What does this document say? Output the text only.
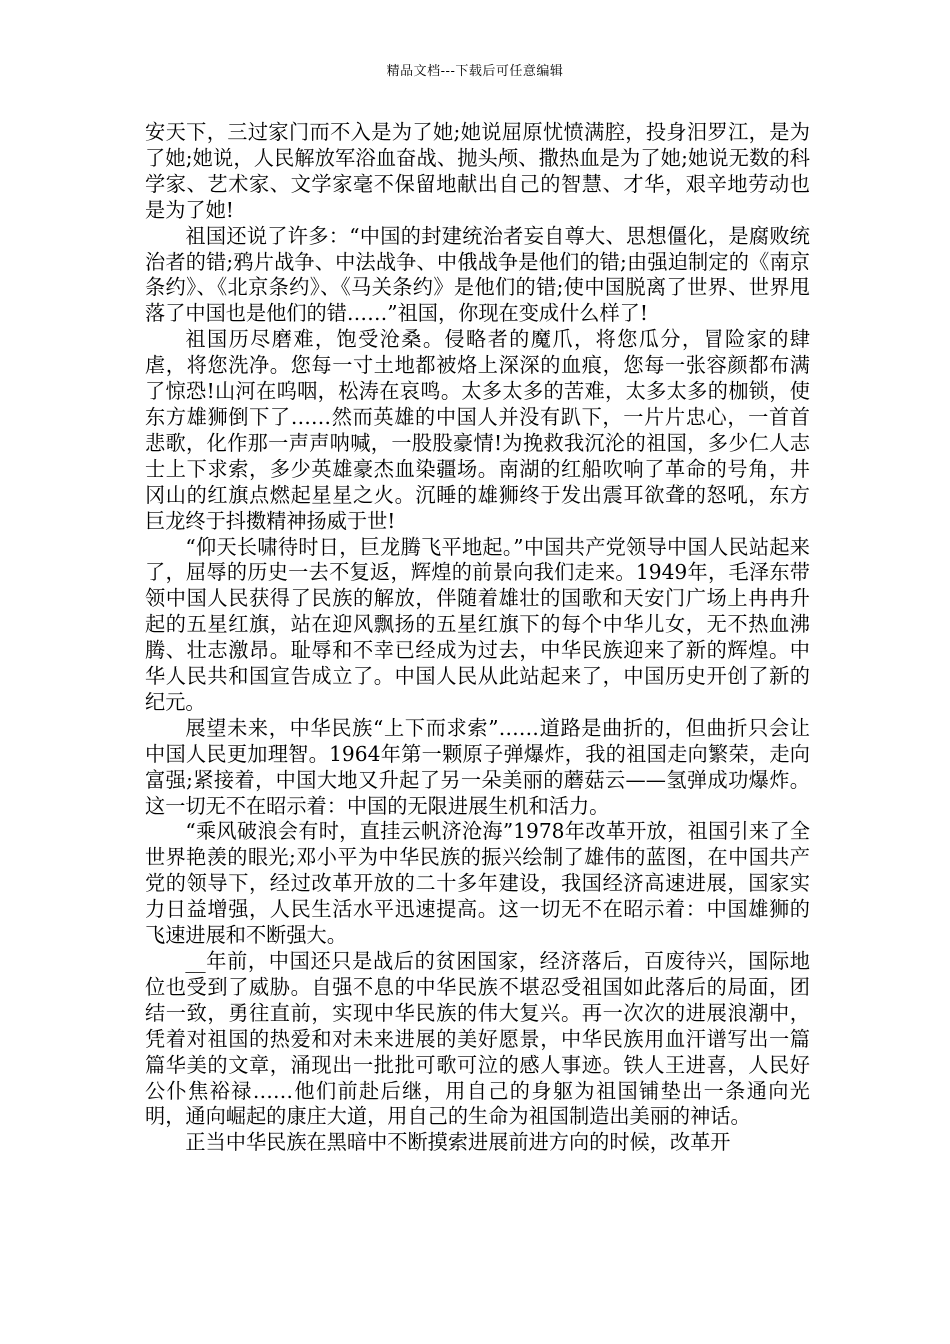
精品文档---下载后可任意编辑

安天下，三过家门而不入是为了她;她说屈原忧愤满腔，投身汨罗江，是为了她;她说，人民解放军浴血奋战、抛头颅、撒热血是为了她;她说无数的科学家、艺术家、文学家毫不保留地献出自己的智慧、才华，艰辛地劳动也是为了她!

祖国还说了许多：“中国的封建统治者妄自尊大、思想僵化，是腐败统治者的错;鸦片战争、中法战争、中俄战争是他们的错;由强迫制定的《南京条约》、《北京条约》、《马关条约》是他们的错;使中国脱离了世界、世界甩落了中国也是他们的错……”祖国，你现在变成什么样了!

祖国历尽磨难，饱受沧桑。侵略者的魔爪，将您瓜分，冒险家的肆虐，将您洗净。您每一寸土地都被烙上深深的血痕，您每一张容颜都布满了惊恐!山河在呜咽，松涛在哀鸣。太多太多的苦难，太多太多的枷锁，使东方雄狮倒下了……然而英雄的中国人并没有趴下，一片片忠心，一首首悲歌，化作那一声声呐喊，一股股豪情!为挽救我沉沦的祖国，多少仁人志士上下求索，多少英雄豪杰血染疆场。南湖的红船吹响了革命的号角，井冈山的红旗点燃起星星之火。沉睡的雄狮终于发出震耳欲聋的怒吼，东方巨龙终于抖擞精神扬威于世!

“仰天长啸待时日，巨龙腾飞平地起。”中国共产党领导中国人民站起来了，屈辱的历史一去不复返，辉煌的前景向我们走来。1949年，毛泽东带领中国人民获得了民族的解放，伴随着雄壮的国歌和天安门广场上冉冉升起的五星红旗，站在迎风飘扬的五星红旗下的每个中华儿女，无不热血沸腾、壮志激昂。耻辱和不幸已经成为过去，中华民族迎来了新的辉煌。中华人民共和国宣告成立了。中国人民从此站起来了，中国历史开创了新的纪元。

展望未来，中华民族“上下而求索”……道路是曲折的，但曲折只会让中国人民更加理智。1964年第一颗原子弹爆炸，我的祖国走向繁荣，走向富强;紧接着，中国大地又升起了另一朵美丽的蘑菇云——氢弹成功爆炸。这一切无不在昭示着：中国的无限进展生机和活力。

“乘风破浪会有时，直挂云帆济沧海”1978年改革开放，祖国引来了全世界艳羡的眼光;邓小平为中华民族的振兴绘制了雄伟的蓝图，在中国共产党的领导下，经过改革开放的二十多年建设，我国经济高速进展，国家实力日益增强，人民生活水平迅速提高。这一切无不在昭示着：中国雄狮的飞速进展和不断强大。

__年前，中国还只是战后的贫困国家，经济落后，百废待兴，国际地位也受到了威胁。自强不息的中华民族不堪忍受祖国如此落后的局面，团结一致，勇往直前，实现中华民族的伟大复兴。再一次次的进展浪潮中，凭着对祖国的热爱和对未来进展的美好愿景，中华民族用血汗谱写出一篇篇华美的文章，涌现出一批批可歌可泣的感人事迹。铁人王进喜，人民好公仆焦裕禄……他们前赴后继，用自己的身躯为祖国铺垫出一条通向光明，通向崛起的康庄大道，用自己的生命为祖国制造出美丽的神话。

正当中华民族在黑暗中不断摸索进展前进方向的时候，改革开
